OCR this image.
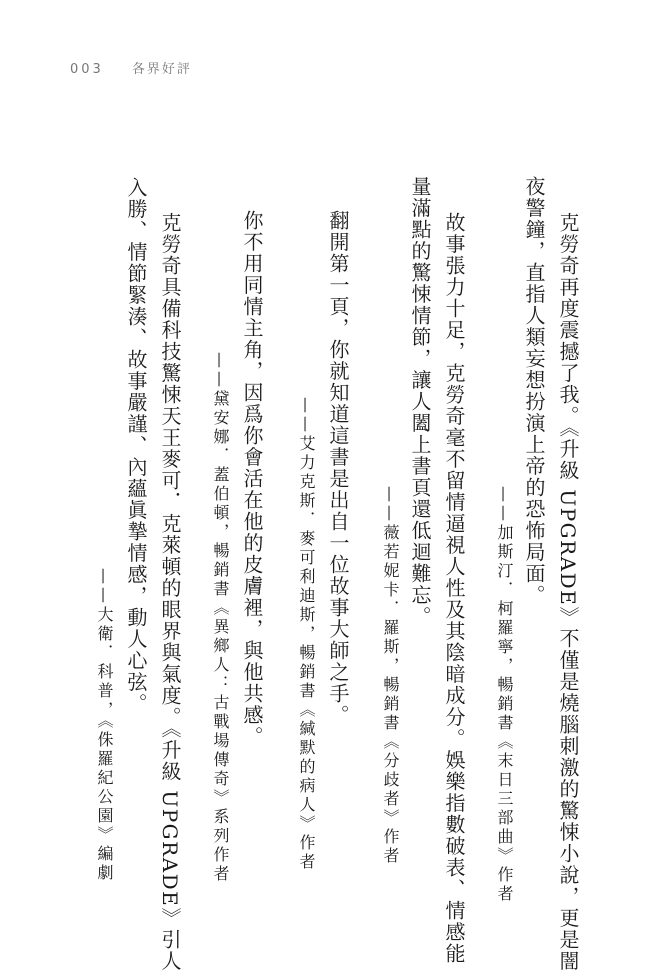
003 各界好評
克勞奇再度震撼了我。《升級 UPGRADE》不僅是燒腦刺激的驚悚小說，更是闇
夜警鐘，直指人類妄想扮演上帝的恐怖局面。
——加斯汀．柯羅寧，暢銷書《末日三部曲》作者
故事張力十足，克勞奇毫不留情逼視人性及其陰暗成分。娛樂指數破表、情感能
量滿點的驚悚情節，讓人闔上書頁還低迴難忘。
——薇若妮卡．羅斯，暢銷書《分歧者》作者
翻開第一頁，你就知道這書是出自一位故事大師之手。
——艾力克斯．麥可利迪斯，暢銷書《緘默的病人》作者
你不用同情主角，因爲你會活在他的皮膚裡，與他共感。
——黛安娜．蓋伯頓，暢銷書《異鄉人：古戰場傳奇》系列作者
克勞奇具備科技驚悚天王麥可．克萊頓的眼界與氣度。《升級 UPGRADE》引人
入勝、情節緊湊、故事嚴謹、內蘊眞摯情感，動人心弦。
——大衛．科普，《侏羅紀公園》編劇
